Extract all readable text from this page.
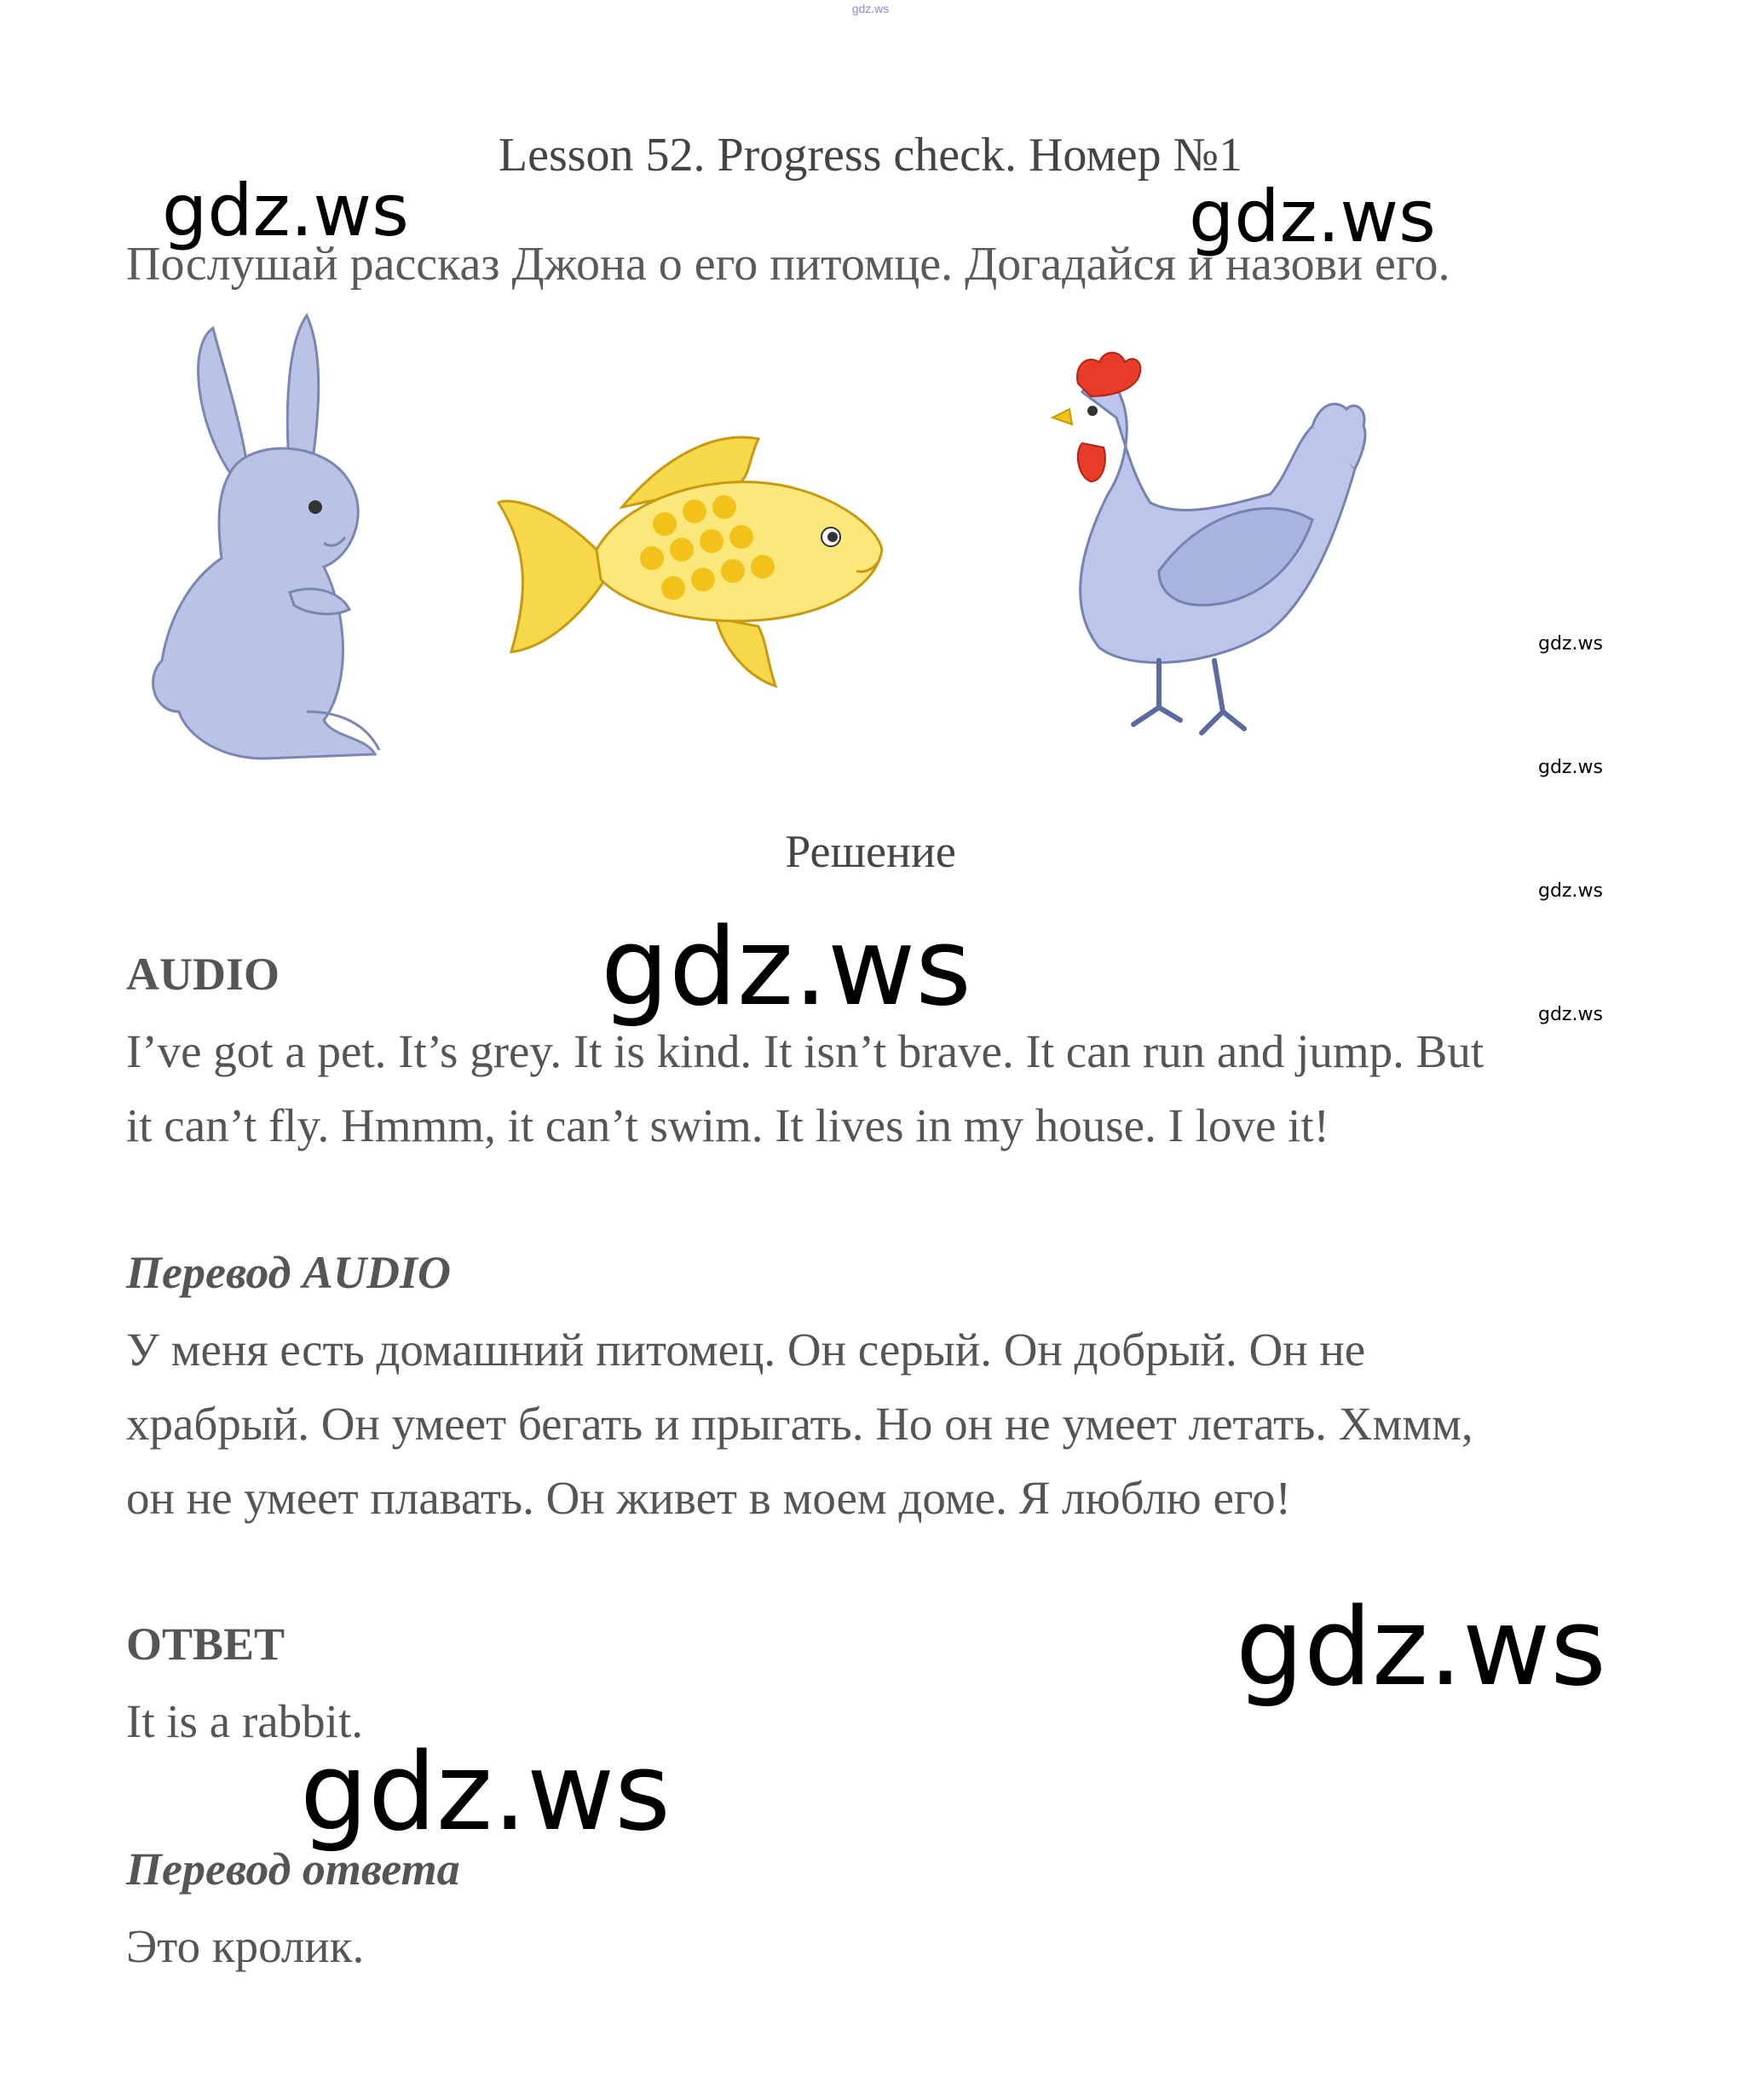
gdz.ws
Lesson 52. Progress check. Номер №1
gdz.ws	gdz.ws
Послушай рассказ Джона о его питомце. Догадайся и назови его.
gdz.ws
gdz.ws
gdz.ws
gdz.ws
Решение
AUDIO	gdz.ws
I’ve got a pet. It’s grey. It is kind. It isn’t brave. It can run and jump. But
it can’t fly. Hmmm, it can’t swim. It lives in my house. I love it!
Перевод AUDIO
У меня есть домашний питомец. Он серый. Он добрый. Он не
храбрый. Он умеет бегать и прыгать. Но он не умеет летать. Хммм,
он не умеет плавать. Он живет в моем доме. Я люблю его!
ОТВЕТ	gdz.ws
It is a rabbit.
gdz.ws
Перевод ответа
Это кролик.
